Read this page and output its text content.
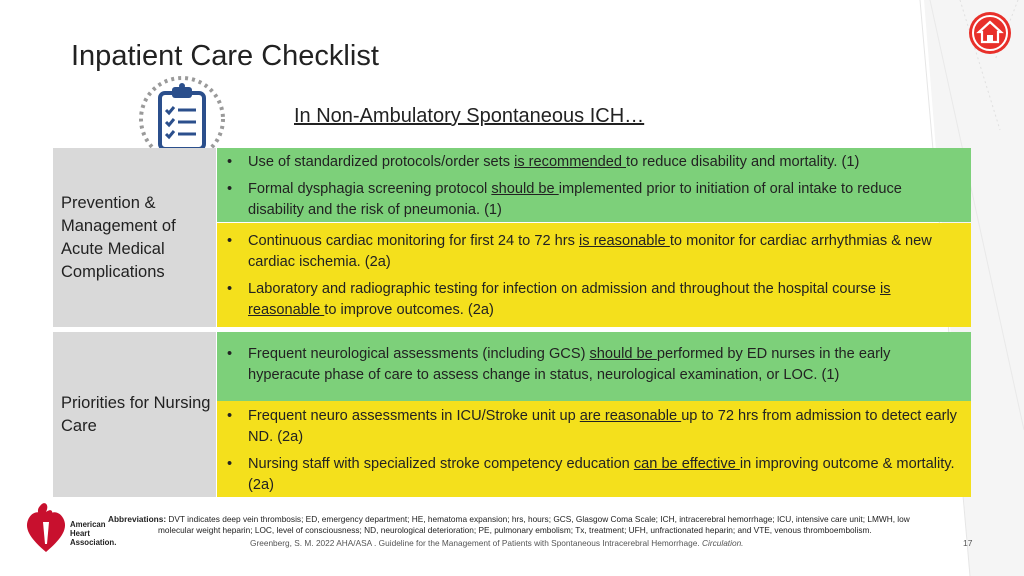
Inpatient Care Checklist
In Non-Ambulatory Spontaneous ICH…
Prevention & Management of Acute Medical Complications
• Use of standardized protocols/order sets is recommended to reduce disability and mortality. (1)
• Formal dysphagia screening protocol should be implemented prior to initiation of oral intake to reduce disability and the risk of pneumonia. (1)
• Continuous cardiac monitoring for first 24 to 72 hrs is reasonable to monitor for cardiac arrhythmias & new cardiac ischemia. (2a)
• Laboratory and radiographic testing for infection on admission and throughout the hospital course is reasonable to improve outcomes. (2a)
Priorities for Nursing Care
• Frequent neurological assessments (including GCS) should be performed by ED nurses in the early hyperacute phase of care to assess change in status, neurological examination, or LOC. (1)
• Frequent neuro assessments in ICU/Stroke unit up are reasonable up to 72 hrs from admission to detect early ND. (2a)
• Nursing staff with specialized stroke competency education can be effective in improving outcome & mortality. (2a)
American
Heart
Association.
Abbreviations: DVT indicates deep vein thrombosis; ED, emergency department; HE, hematoma expansion; hrs, hours; GCS, Glasgow Coma Scale; ICH, intracerebral hemorrhage; ICU, intensive care unit; LMWH, low
molecular weight heparin; LOC, level of consciousness; ND, neurological deterioration; PE, pulmonary embolism; Tx, treatment; UFH, unfractionated heparin; and VTE, venous thromboembolism.
Greenberg, S. M. 2022 AHA/ASA . Guideline for the Management of Patients with Spontaneous Intracerebral Hemorrhage. Circulation.	17
